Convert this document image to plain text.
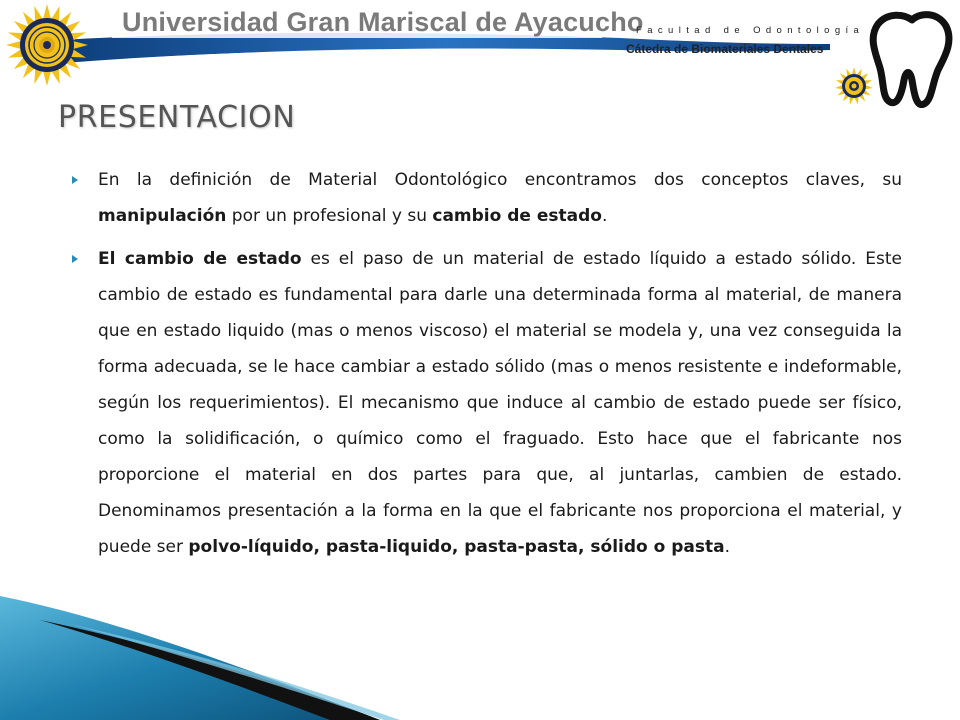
Universidad Gran Mariscal de Ayacucho
Facultad de Odontología
Cátedra de Biomateriales Dentales
PRESENTACION

En la definición de Material Odontológico encontramos dos conceptos claves, su manipulación por un profesional y su cambio de estado.

El cambio de estado es el paso de un material de estado líquido a estado sólido. Este cambio de estado es fundamental para darle una determinada forma al material, de manera que en estado liquido (mas o menos viscoso) el material se modela y, una vez conseguida la forma adecuada, se le hace cambiar a estado sólido (mas o menos resistente e indeformable, según los requerimientos). El mecanismo que induce al cambio de estado puede ser físico, como la solidificación, o químico como el fraguado. Esto hace que el fabricante nos proporcione el material en dos partes para que, al juntarlas, cambien de estado. Denominamos presentación a la forma en la que el fabricante nos proporciona el material, y puede ser polvo-líquido, pasta-liquido, pasta-pasta, sólido o pasta.
